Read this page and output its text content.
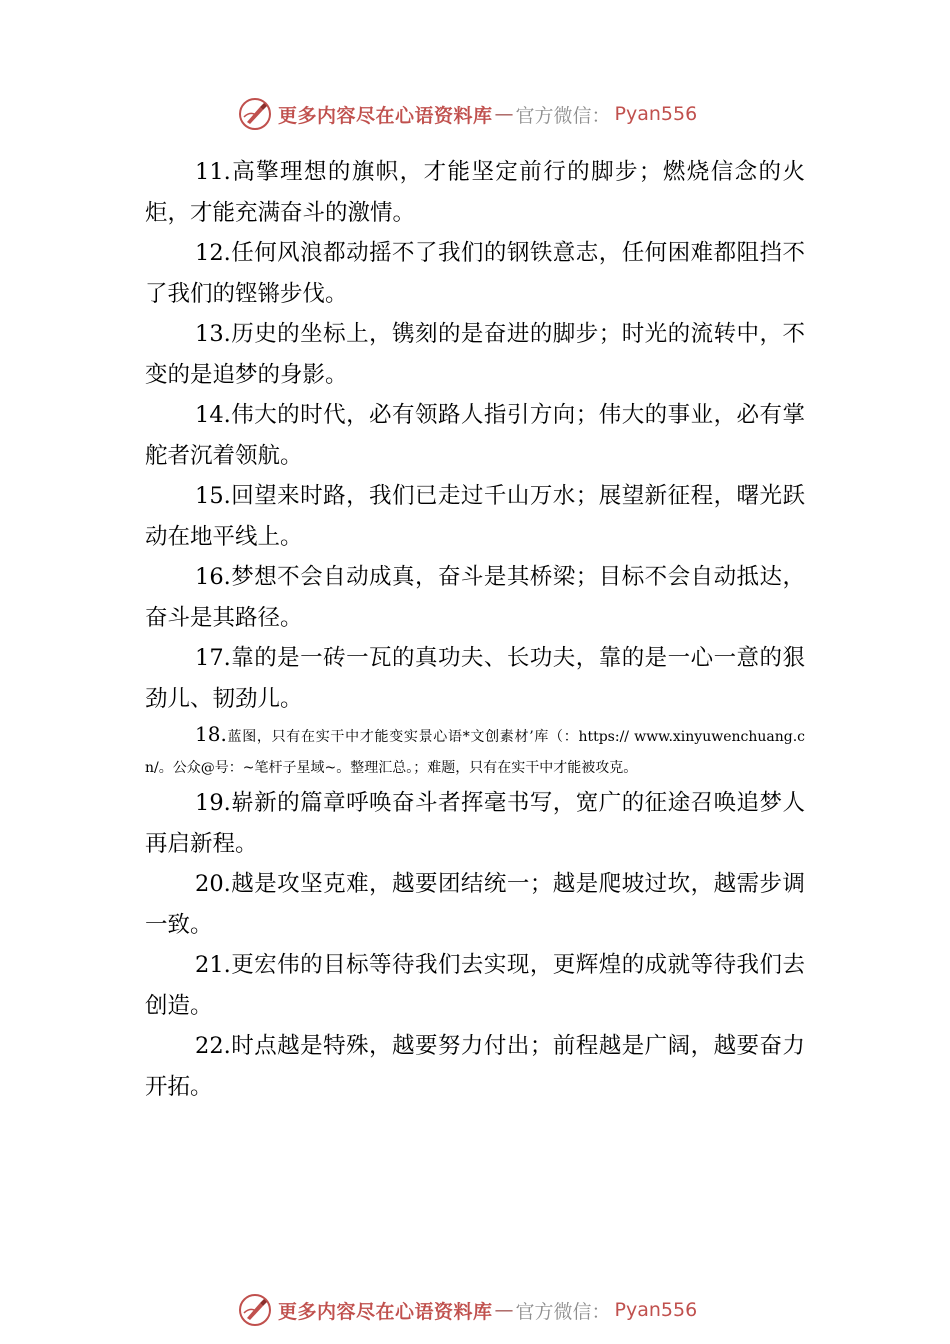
更多内容尽在心语资料库 — 官方微信： Pyan556

11.高擎理想的旗帜，才能坚定前行的脚步；燃烧信念的火炬，才能充满奋斗的激情。

12.任何风浪都动摇不了我们的钢铁意志，任何困难都阻挡不了我们的铿锵步伐。

13.历史的坐标上，镌刻的是奋进的脚步；时光的流转中，不变的是追梦的身影。

14.伟大的时代，必有领路人指引方向；伟大的事业，必有掌舵者沉着领航。

15.回望来时路，我们已走过千山万水；展望新征程，曙光跃动在地平线上。

16.梦想不会自动成真，奋斗是其桥梁；目标不会自动抵达，奋斗是其路径。

17.靠的是一砖一瓦的真功夫、长功夫，靠的是一心一意的狠劲儿、韧劲儿。

18.蓝图，只有在实干中才能变实景心语*文创素材’库（：https:// www.xinyuwenchuang.cn/。公众@号：~笔杆子星域~。整理汇总。；难题，只有在实干中才能被攻克。

19.崭新的篇章呼唤奋斗者挥毫书写，宽广的征途召唤追梦人再启新程。

20.越是攻坚克难，越要团结统一；越是爬坡过坎，越需步调一致。

21.更宏伟的目标等待我们去实现，更辉煌的成就等待我们去创造。

22.时点越是特殊，越要努力付出；前程越是广阔，越要奋力开拓。

更多内容尽在心语资料库 — 官方微信： Pyan556
